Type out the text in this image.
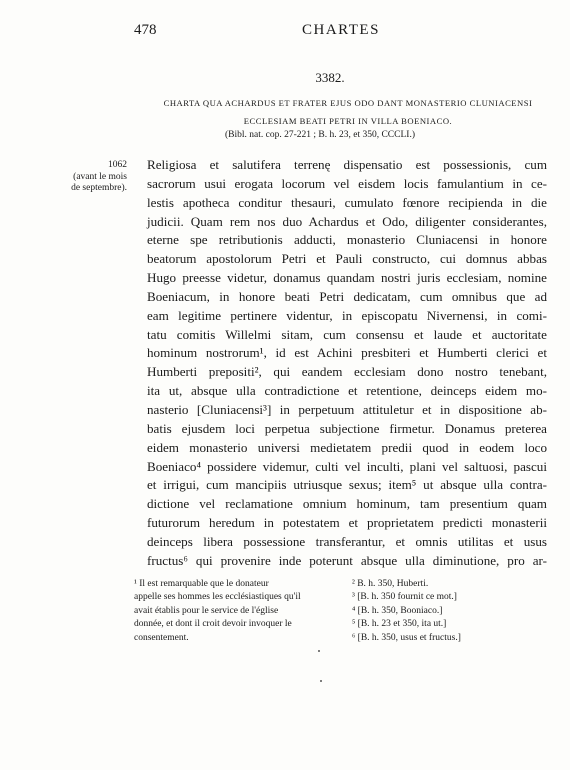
478	CHARTES
3382.
CHARTA QUA ACHARDUS ET FRATER EJUS ODO DANT MONASTERIO CLUNIACENSI
ECCLESIAM BEATI PETRI IN VILLA BOENIACO.
(Bibl. nat. cop. 27-221 ; B. h. 23, et 350, CCCLI.)
1062
(avant le mois
de septembre).
Religiosa et salutifera terrenę dispensatio est possessionis, cum
sacrorum usui erogata locorum vel eisdem locis famulantium in ce-
lestis apotheca conditur thesauri, cumulato fœnore recipienda in die
judicii. Quam rem nos duo Achardus et Odo, diligenter considerantes,
eterne spe retributionis adducti, monasterio Cluniacensi in honore
beatorum apostolorum Petri et Pauli constructo, cui domnus abbas
Hugo preesse videtur, donamus quandam nostri juris ecclesiam, nomine
Boeniacum, in honore beati Petri dedicatam, cum omnibus que ad
eam legitime pertinere videntur, in episcopatu Nivernensi, in comi-
tatu comitis Willelmi sitam, cum consensu et laude et auctoritate
hominum nostrorum¹, id est Achini presbiteri et Humberti clerici et
Humberti prepositi², qui eandem ecclesiam dono nostro tenebant,
ita ut, absque ulla contradictione et retentione, deinceps eidem mo-
nasterio [Cluniacensi³] in perpetuum attituletur et in dispositione ab-
batis ejusdem loci perpetua subjectione firmetur. Donamus preterea
eidem monasterio universi medietatem predii quod in eodem loco
Boeniaco⁴ possidere videmur, culti vel inculti, plani vel saltuosi, pascui
et irrigui, cum mancipiis utriusque sexus; item⁵ ut absque ulla contra-
dictione vel reclamatione omnium hominum, tam presentium quam
futurorum heredum in potestatem et proprietatem predicti monasterii
deinceps libera possessione transferantur, et omnis utilitas et usus
fructus⁶ qui provenire inde poterunt absque ulla diminutione, pro ar-
¹ Il est remarquable que le donateur
appelle ses hommes les ecclésiastiques qu'il
avait établis pour le service de l'église
donnée, et dont il croit devoir invoquer le
consentement.
² B. h. 350, Huberti.
³ [B. h. 350 fournit ce mot.]
⁴ [B. h. 350, Booniaco.]
⁵ [B. h. 23 et 350, ita ut.]
⁶ [B. h. 350, usus et fructus.]
